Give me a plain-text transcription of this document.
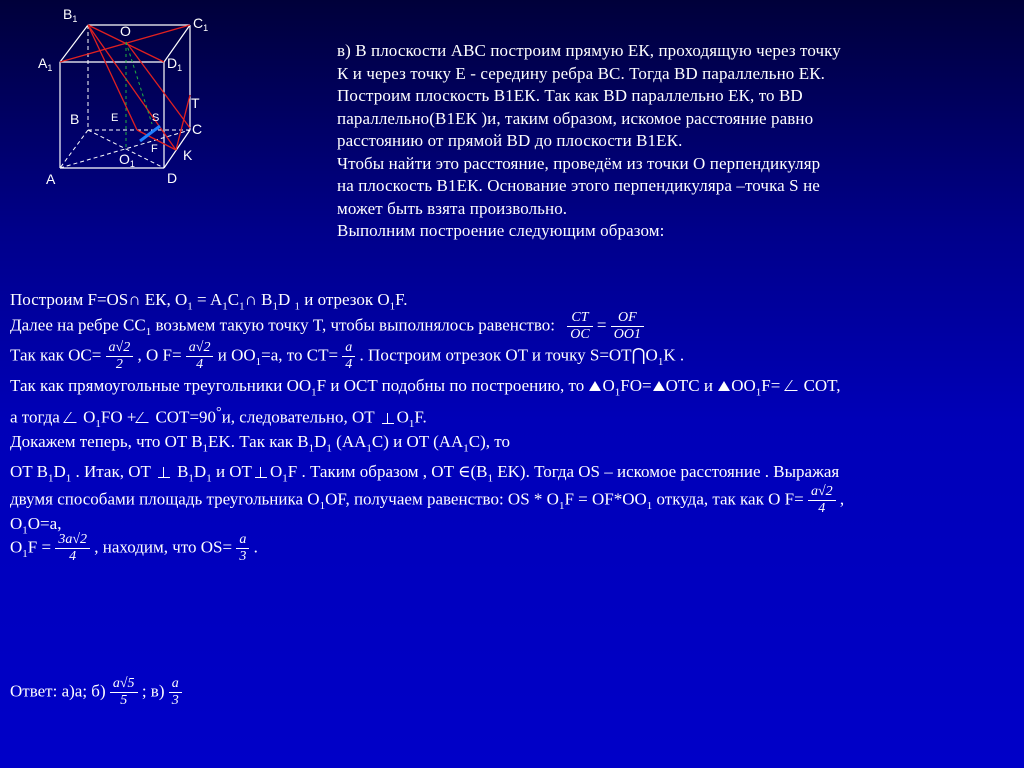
$B_1$	$C_1$
$A_1$	$D_1$
O
T
B
C
E	S
F K
$O_1$
A	D
в) В плоскости АВС построим прямую ЕК, проходящую через точку
К и через точку Е - середину ребра ВС. Тогда BD параллельно ЕК.
Построим плоскость В1ЕК. Так как BD параллельно ЕК, то BD
параллельно(В1ЕК )и, таким образом, искомое расстояние равно
расстоянию от прямой BD до плоскости В1ЕК.
Чтобы найти это расстояние, проведём из точки О перпендикуляр
на плоскость В1ЕК. Основание этого перпендикуляра –точка S не
может быть взята произвольно.
Выполним построение следующим образом:
Построим F=OS∩ ЕК, $O_1$ = $A_1C_1\cap$ $B_1D$ $_1$ и отрезок $O_1F$.
Далее на ребре $CC_1$ возьмем такую точку T, чтобы выполнялось равенство: $\frac{CT}{OC} = \frac{OF}{OO1}$
Так как $OC= \frac{a√2}{2}$ , O $F= \frac{a√2}{4}$ и $OO_1=a$, то $CT= \frac{a}{4}$ . Построим отрезок OT и точку $S=OT⋂O_1K$ .
Так как прямоугольные треугольники $OO_1F$ и OCT подобны по построению, то $O_1FO=$ OTC и $OO_1F=$ COT,
а тогда $O_1FO + COT=90^\circ и$, следовательно, OT $O_1F$.
Докажем теперь, что OT $B_1EK$. Так как $B_1D_1$ $(AA_1C)$ и OT $(AA_1C)$, то
OT $B_1D_1$ . Итак, OT  $B_1D_1$ и OT $O_1F$ . Таким образом , OT $\in(B_1$ EK). Тогда OS – искомое расстояние . Выражая
двумя способами площадь треугольника $O_1OF$, получаем равенство: OS * $O_1F = OF*OO_1$ откуда, так как O $F= \frac{a√2}{4}$ ,
$O_1O=a$,
$O_1F = \frac{3a√2}{4}$ , находим, что $OS= \frac{a}{3}$ .
Ответ: а)a; $б) \frac{a√5}{5}$ ; $в) \frac{a}{3}$
